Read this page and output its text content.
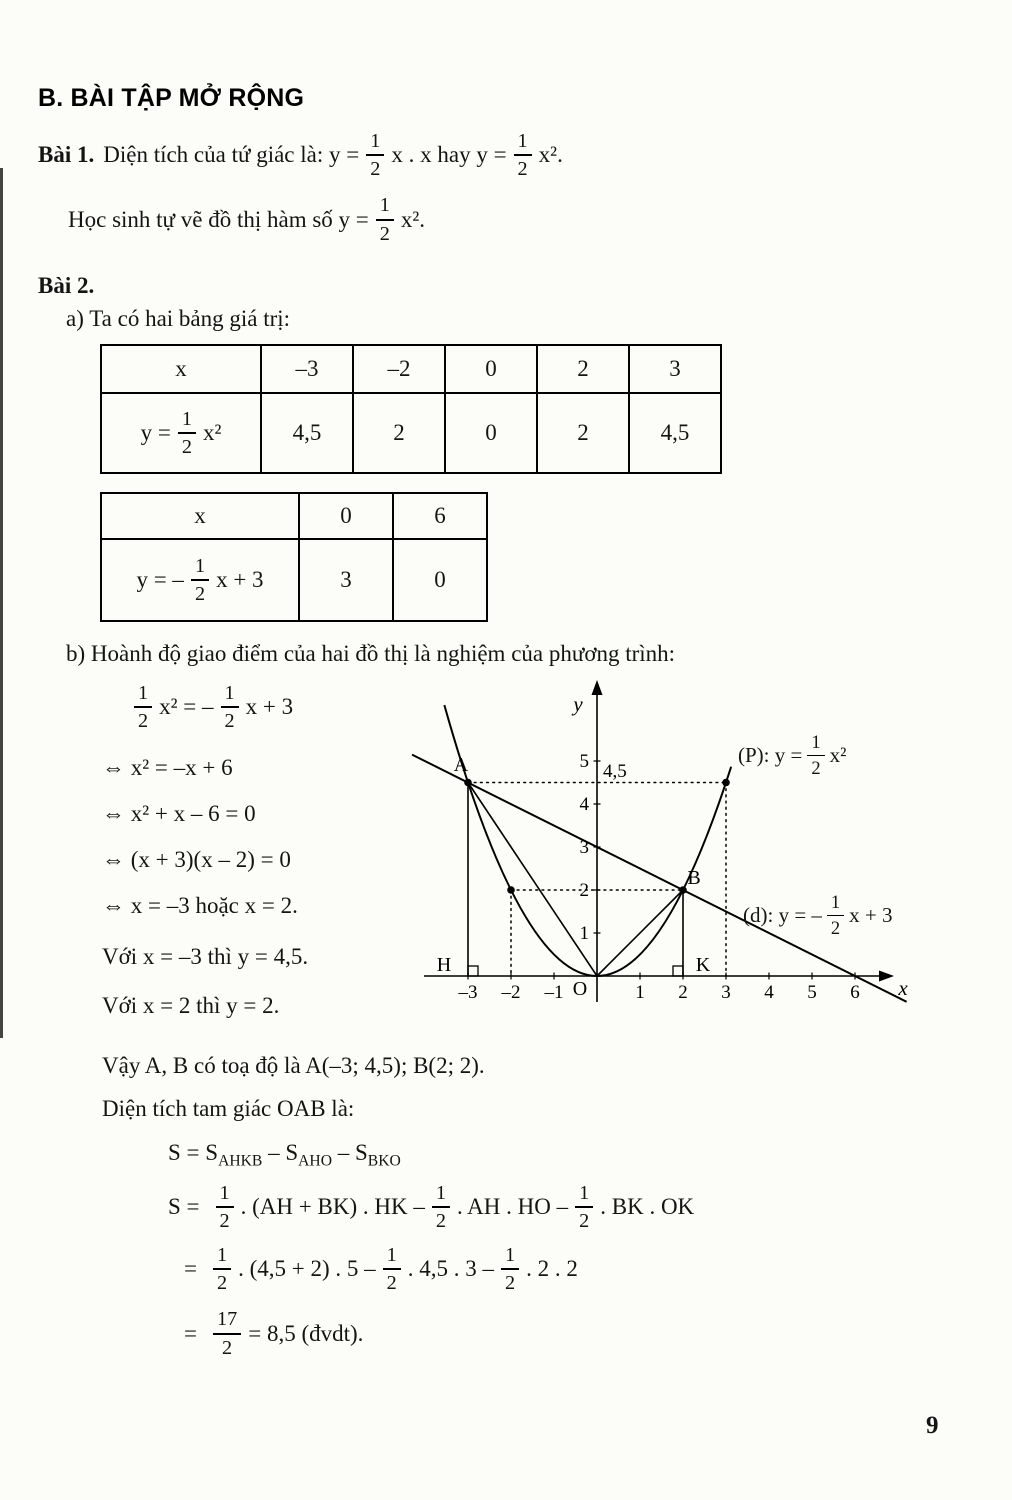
B. BÀI TẬP MỞ RỘNG
Bài 1. Diện tích của tứ giác là: $y = \frac{1}{2}$ x . x hay $y = \frac{1}{2} x^2$.
Học sinh tự vẽ đồ thị hàm số $y = \frac{1}{2} x^2$.
Bài 2.
a) Ta có hai bảng giá trị:
x	–3	–2	0	2	3

$y = \frac{1}{2} x^2$	4,5	2	0	2	4,5
x	0	6

y = – $\frac{1}{2}$ x + 3	3	0
b) Hoành độ giao điểm của hai đồ thị là nghiệm của phương trình:
$\frac{1}{2} x^2$ = – $\frac{1}{2}$ x + 3
⇔ x² = –x + 6
⇔ x² + x – 6 = 0
⇔ (x + 3)(x – 2) = 0
⇔ x = –3 hoặc x = 2.
Với x = –3 thì y = 4,5.
Với x = 2 thì y = 2.
y
x
O
–3 –2 –1	1 2 3 4 5 6
1
2
3
4
5 4,5
A
B
H	K
(P): $y = \frac{1}{2} x^2$
(d): y = – $\frac{1}{2}$ x + 3
Vậy A, B có toạ độ là A(–3; 4,5); B(2; 2).
Diện tích tam giác OAB là:
$S = S_{AHKB} - S_{AHO} - S_{BKO}$
$S = \frac{1}{2}$ . (AH + BK) . HK – $\frac{1}{2}$ . AH . HO – $\frac{1}{2}$ . BK . OK
= $\frac{1}{2}$ . (4,5 + 2) . $5 - \frac{1}{2}$ . 4,5 . $3 - \frac{1}{2}$ . 2 . 2
= $\frac{17}{2} = 8,5$ (đvdt).
9
